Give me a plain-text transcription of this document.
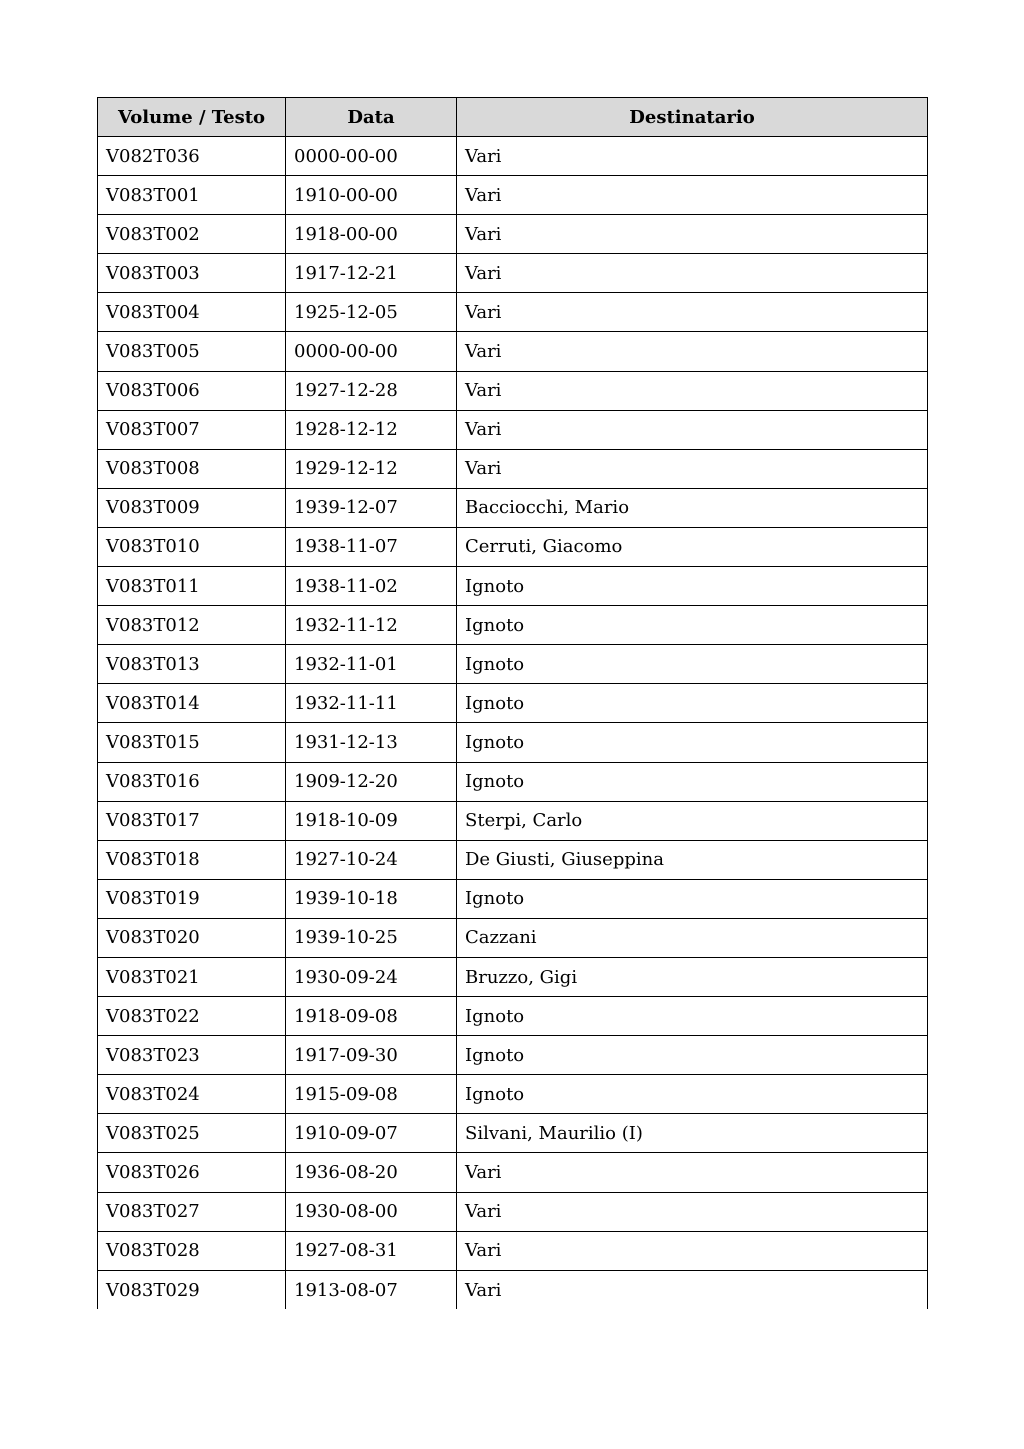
Volume / Testo	Data	Destinatario
V082T036	0000-00-00	Vari
V083T001	1910-00-00	Vari
V083T002	1918-00-00	Vari
V083T003	1917-12-21	Vari
V083T004	1925-12-05	Vari
V083T005	0000-00-00	Vari
V083T006	1927-12-28	Vari
V083T007	1928-12-12	Vari
V083T008	1929-12-12	Vari
V083T009	1939-12-07	Bacciocchi, Mario
V083T010	1938-11-07	Cerruti, Giacomo
V083T011	1938-11-02	Ignoto
V083T012	1932-11-12	Ignoto
V083T013	1932-11-01	Ignoto
V083T014	1932-11-11	Ignoto
V083T015	1931-12-13	Ignoto
V083T016	1909-12-20	Ignoto
V083T017	1918-10-09	Sterpi, Carlo
V083T018	1927-10-24	De Giusti, Giuseppina
V083T019	1939-10-18	Ignoto
V083T020	1939-10-25	Cazzani
V083T021	1930-09-24	Bruzzo, Gigi
V083T022	1918-09-08	Ignoto
V083T023	1917-09-30	Ignoto
V083T024	1915-09-08	Ignoto
V083T025	1910-09-07	Silvani, Maurilio (I)
V083T026	1936-08-20	Vari
V083T027	1930-08-00	Vari
V083T028	1927-08-31	Vari
V083T029	1913-08-07	Vari
